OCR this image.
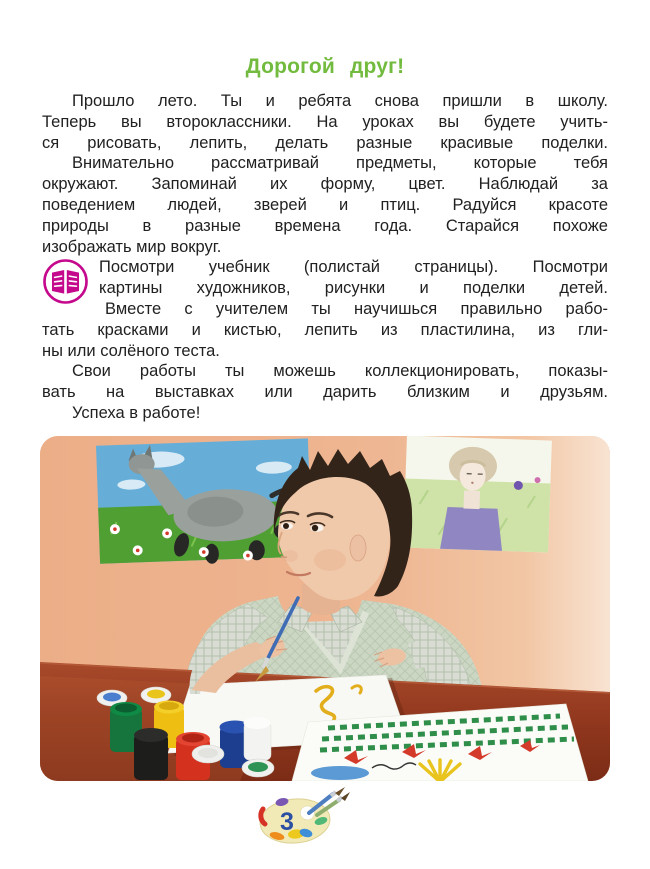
Дорогой друг!

Прошло лето. Ты и ребята снова пришли в школу.
Теперь вы второклассники. На уроках вы будете учить-
ся рисовать, лепить, делать разные красивые поделки.

Внимательно рассматривай предметы, которые тебя
окружают. Запоминай их форму, цвет. Наблюдай за
поведением людей, зверей и птиц. Радуйся красоте
природы в разные времена года. Старайся похоже
изображать мир вокруг.

Посмотри учебник (полистай страницы). Посмотри
картины художников, рисунки и поделки детей.

Вместе с учителем ты научишься правильно рабо-
тать красками и кистью, лепить из пластилина, из гли-
ны или солёного теста.

Свои работы ты можешь коллекционировать, показы-
вать на выставках или дарить близким и друзьям.

Успеха в работе!

3
